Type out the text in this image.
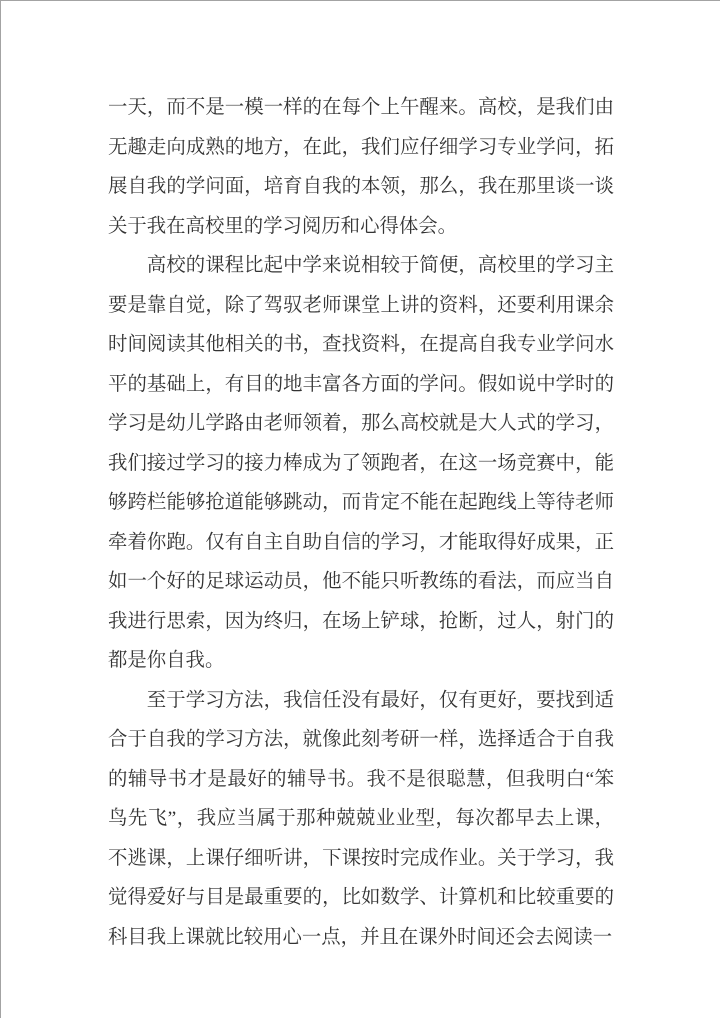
一天，而不是一模一样的在每个上午醒来。高校，是我们由无趣走向成熟的地方，在此，我们应仔细学习专业学问，拓展自我的学问面，培育自我的本领，那么，我在那里谈一谈关于我在高校里的学习阅历和心得体会。

高校的课程比起中学来说相较于简便，高校里的学习主要是靠自觉，除了驾驭老师课堂上讲的资料，还要利用课余时间阅读其他相关的书，查找资料，在提高自我专业学问水平的基础上，有目的地丰富各方面的学问。假如说中学时的学习是幼儿学路由老师领着，那么高校就是大人式的学习，我们接过学习的接力棒成为了领跑者，在这一场竞赛中，能够跨栏能够抢道能够跳动，而肯定不能在起跑线上等待老师牵着你跑。仅有自主自助自信的学习，才能取得好成果，正如一个好的足球运动员，他不能只听教练的看法，而应当自我进行思索，因为终归，在场上铲球，抢断，过人，射门的都是你自我。

至于学习方法，我信任没有最好，仅有更好，要找到适合于自我的学习方法，就像此刻考研一样，选择适合于自我的辅导书才是最好的辅导书。我不是很聪慧，但我明白“笨鸟先飞”，我应当属于那种兢兢业业型，每次都早去上课，不逃课，上课仔细听讲，下课按时完成作业。关于学习，我觉得爱好与目是最重要的，比如数学、计算机和比较重要的科目我上课就比较用心一点，并且在课外时间还会去阅读一
